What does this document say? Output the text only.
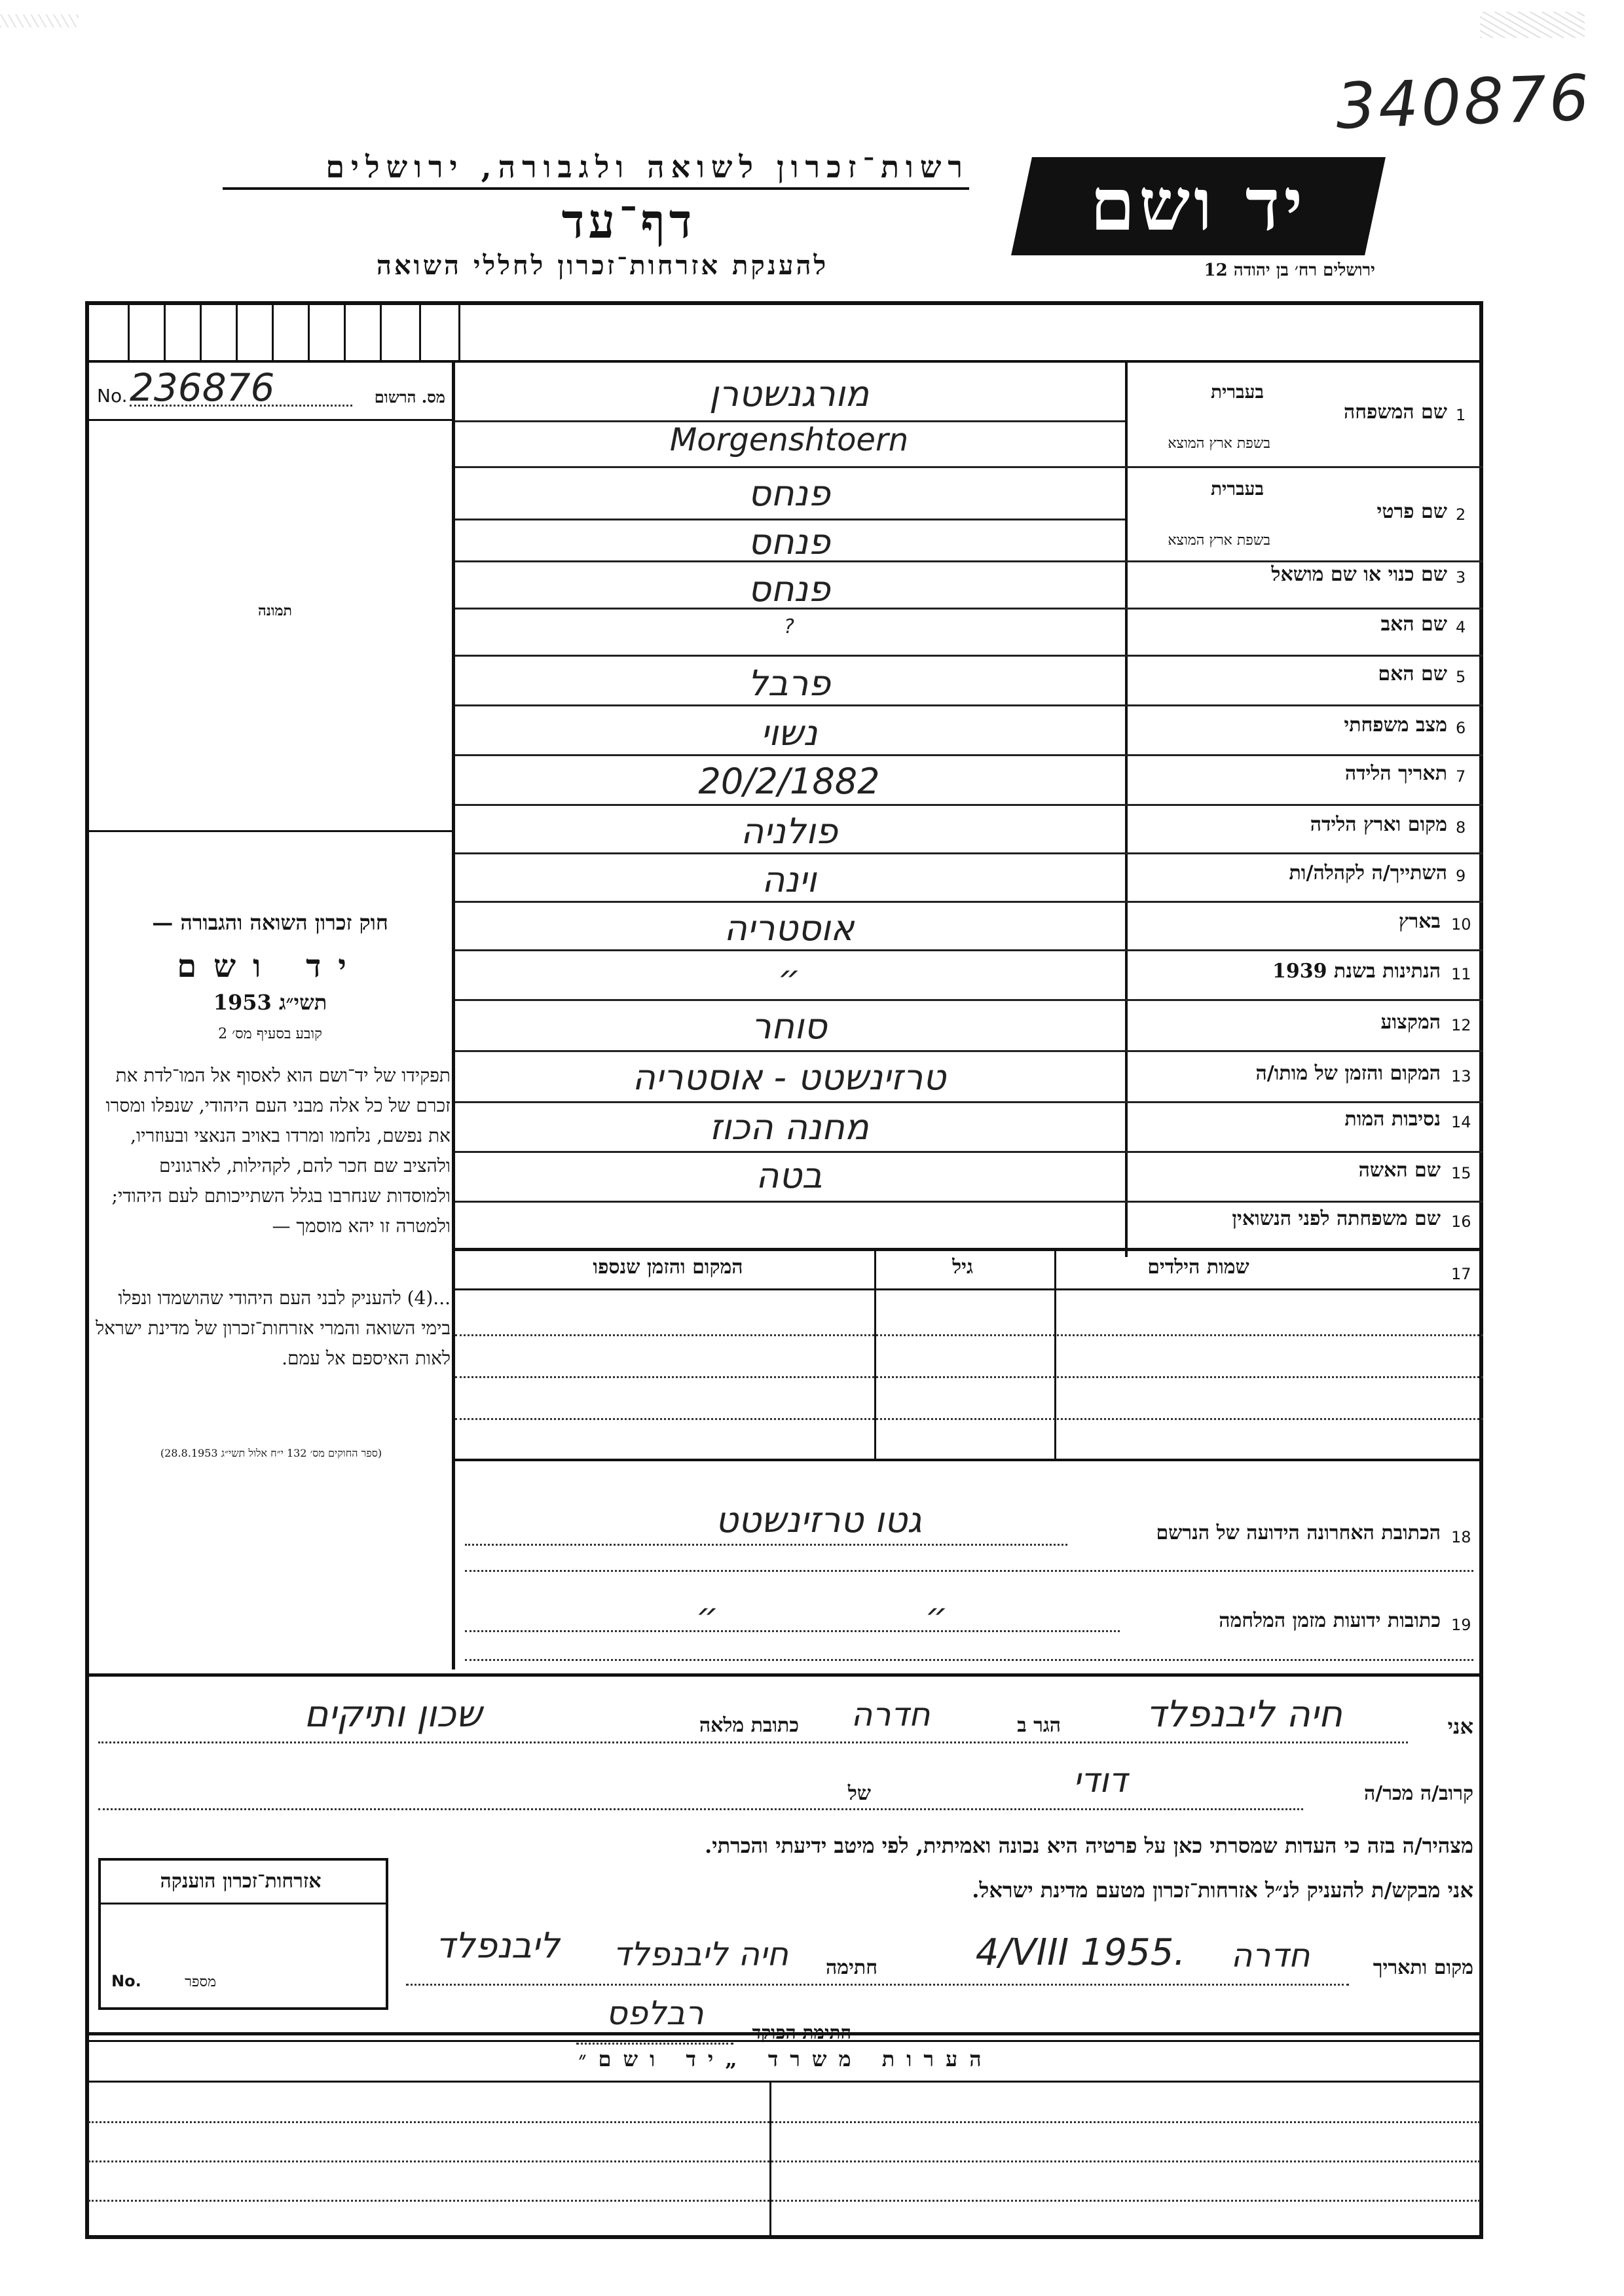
340876
רשות־זכרון לשואה ולגבורה, ירושלים
דף־עד
להענקת אזרחות־זכרון לחללי השואה
יד ושם
ירושלים רח׳ בן יהודה 12
No. 236876	מס. הרשום
תמונה
חוק זכרון השואה והגבורה —
יד ושם
תשי״ג 1953
קובע בסעיף מס׳ 2
תפקידו של יד־ושם הוא לאסוף אל המו־לדת את זכרם של כל אלה מבני העם היהודי, שנפלו ומסרו את נפשם, נלחמו ומרדו באויב הנאצי ובעוזריו, ולהציב שם חכר להם, לקהילות, לארגונים ולמוסדות שנחרבו בגלל השתייכותם לעם היהודי; ולמטרה זו יהא מוסמך —
...(4) להעניק לבני העם היהודי שהושמדו ונפלו בימי השואה והמרי אזרחות־זכרון של מדינת ישראל לאות האיספם אל עמם.
(ספר החוקים מס׳ 132 י״ח אלול תשי״ג 28.8.1953)
1
שם המשפחה
בעברית
בשפת ארץ המוצא
מורגנשטרן
Morgenshtoern
2
שם פרטי
בעברית
בשפת ארץ המוצא
פנחס
פנחס
3
שם כנוי או שם מושאל
פנחס
4
שם האב
?
5
שם האם
פרבל
6
מצב משפחתי
נשוי
7
תאריך הלידה
20/2/1882
8
מקום וארץ הלידה
פולניה
9
השתייך/ה לקהלה/ות
וינה
10
בארץ
אוסטריה
11
הנתינות בשנת 1939
״
12
המקצוע
סוחר
13
המקום והזמן של מותו/ה
טרזינשטט - אוסטריה
14
נסיבות המות
מחנה הכוז
15
שם האשה
בטה
16
שם משפחתה לפני הנשואין
17
שמות הילדים
גיל
המקום והזמן שנספו
18
הכתובת האחרונה הידועה של הנרשם
גטו טרזינשטט
19
כתובות ידועות מזמן המלחמה
״	״
אני
חיה ליבנפלד
הגר ב
חדרה
כתובת מלאה
שכון ותיקים
קרוב/ה מכר/ה
דודי
של
מצהיר/ה בזה כי העדות שמסרתי כאן על פרטיה היא נכונה ואמיתית, לפי מיטב ידיעתי והכרתי.
אני מבקש/ת להעניק לנ״ל אזרחות־זכרון מטעם מדינת ישראל.
מקום ותאריך
חדרה
4/VIII 1955.
חתימה
חיה ליבנפלד
ליבנפלד
רבלפס
אזרחות־זכרון הוענקה
No.	מספר
הערות משרד „יד ושם״
